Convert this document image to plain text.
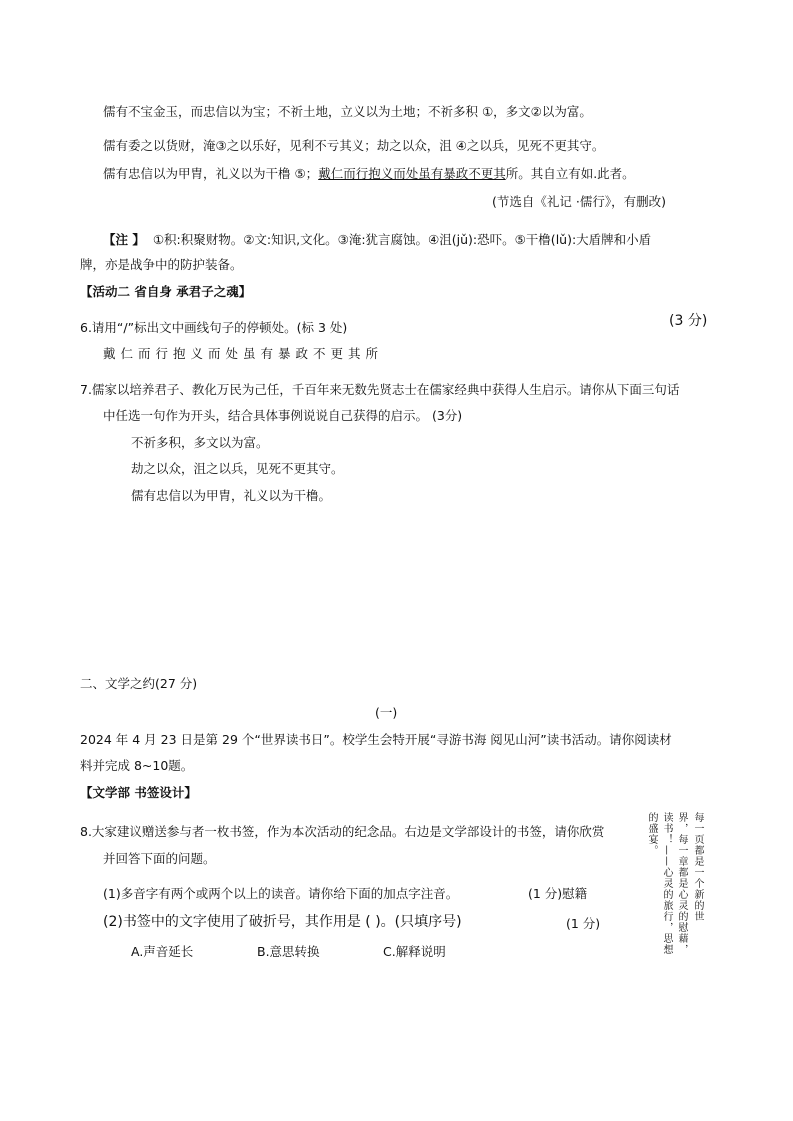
儒有不宝金玉，而忠信以为宝；不祈土地，立义以为土地；不祈多积 ①，多文②以为富。
儒有委之以货财，淹③之以乐好，见利不亏其义；劫之以众，沮 ④之以兵，见死不更其守。
儒有忠信以为甲胄，礼义以为干橹 ⑤；戴仁而行抱义而处虽有暴政不更其所。其自立有如.此者。
(节选自《礼记 ·儒行》，有删改)
【注 】 ①积:积聚财物。②文:知识,文化。③淹:犹言腐蚀。④沮(jǔ):恐吓。⑤干橹(lǔ):大盾牌和小盾
牌，亦是战争中的防护装备。
【活动二 省自身 承君子之魂】
6.请用“/”标出文中画线句子的停顿处。(标 3 处)	(3 分)
戴仁而行抱义而处虽有暴政不更其所
7.儒家以培养君子、教化万民为己任，千百年来无数先贤志士在儒家经典中获得人生启示。请你从下面三句话
中任选一句作为开头，结合具体事例说说自己获得的启示。 (3分)
不祈多积，多文以为富。
劫之以众，沮之以兵，见死不更其守。
儒有忠信以为甲胄，礼义以为干橹。
二、文学之约(27 分)
(一)
2024 年 4 月 23 日是第 29 个“世界读书日”。校学生会特开展“寻游书海 阅见山河”读书活动。请你阅读材
料并完成 8~10题。
【文学部 书签设计】
8.大家建议赠送参与者一枚书签，作为本次活动的纪念品。右边是文学部设计的书签，请你欣赏
并回答下面的问题。
(1)多音字有两个或两个以上的读音。请你给下面的加点字注音。	(1 分)慰籍
(2)书签中的文字使用了破折号，其作用是 ( )。(只填序号)	(1 分)
A.声音延长	B.意思转换	C.解释说明
每一页都是一个新的世
界，每一章都是心灵的慰藉，
读书！——心灵的旅行，思想
的盛宴。
